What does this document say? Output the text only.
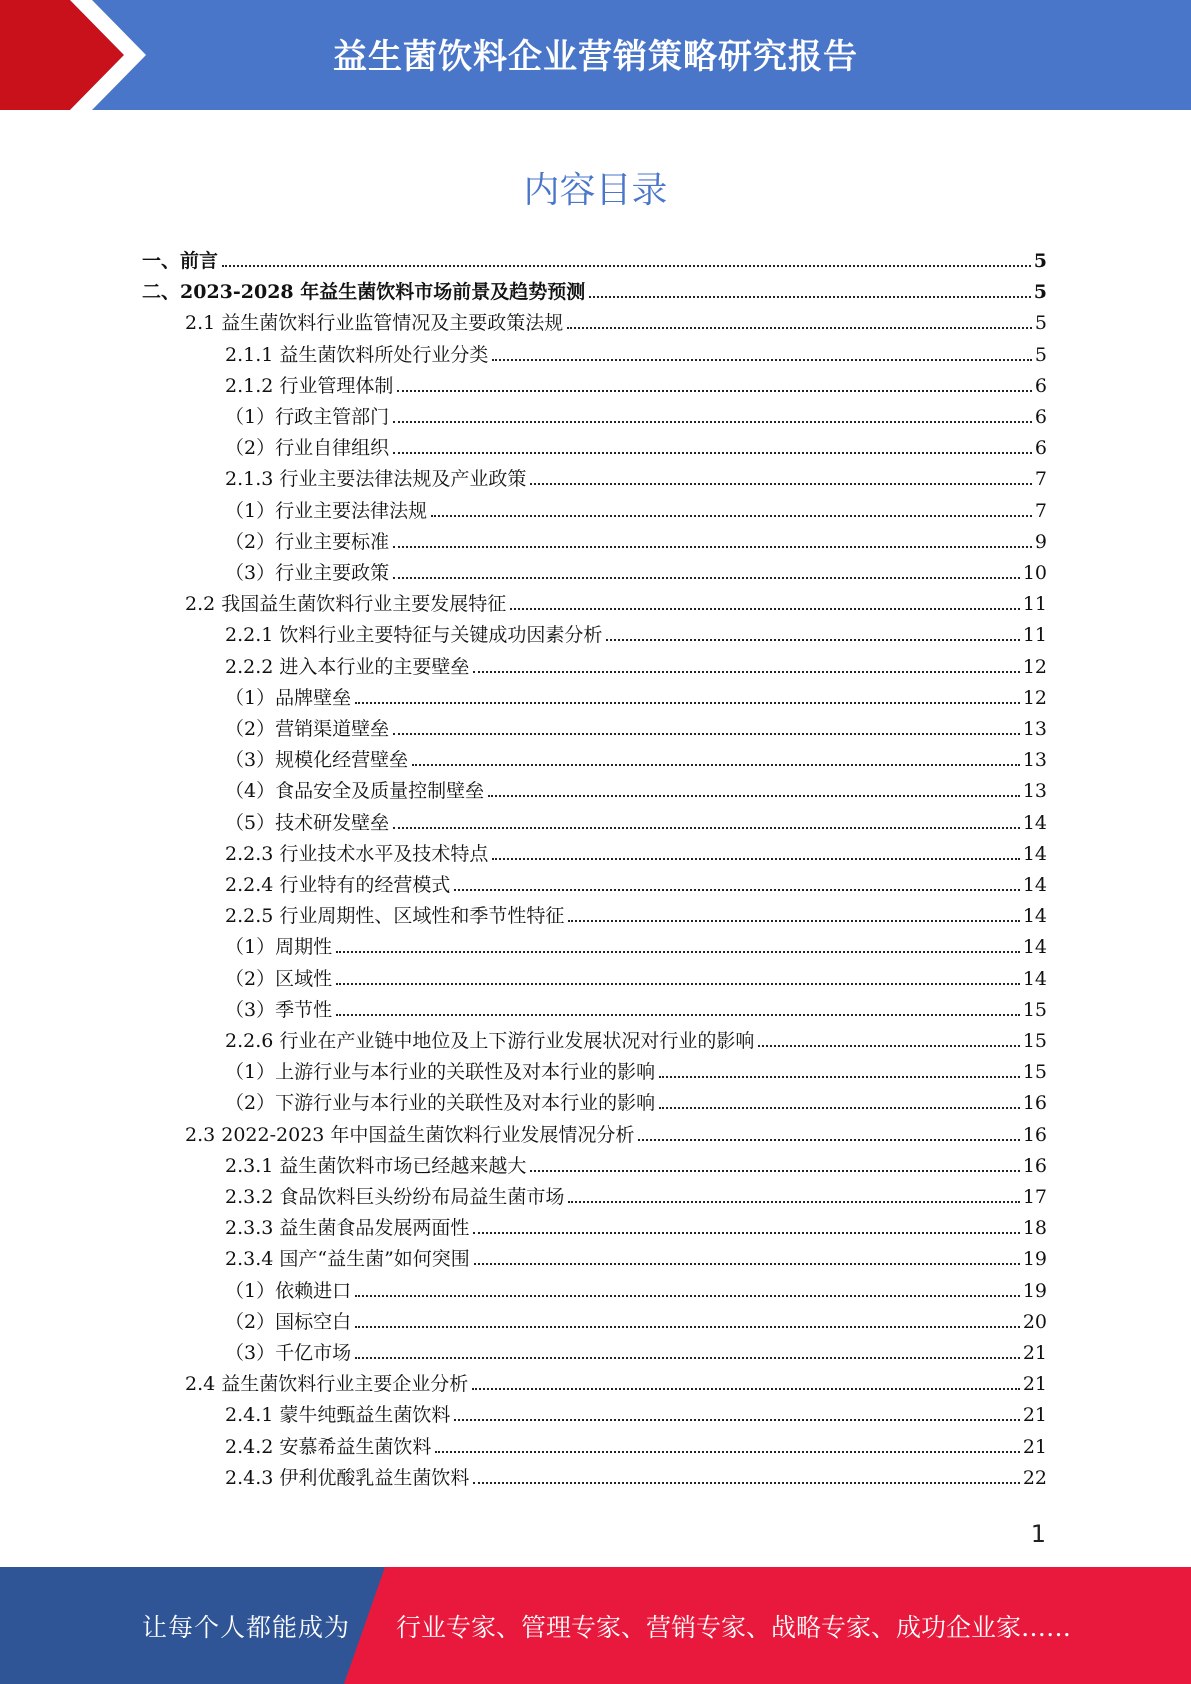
益生菌饮料企业营销策略研究报告
内容目录
一、前言	5
二、2023-2028 年益生菌饮料市场前景及趋势预测	5
2.1 益生菌饮料行业监管情况及主要政策法规	5
2.1.1 益生菌饮料所处行业分类	5
2.1.2 行业管理体制	6
（1）行政主管部门	6
（2）行业自律组织	6
2.1.3 行业主要法律法规及产业政策	7
（1）行业主要法律法规	7
（2）行业主要标准	9
（3）行业主要政策	10
2.2 我国益生菌饮料行业主要发展特征	11
2.2.1 饮料行业主要特征与关键成功因素分析	11
2.2.2 进入本行业的主要壁垒	12
（1）品牌壁垒	12
（2）营销渠道壁垒	13
（3）规模化经营壁垒	13
（4）食品安全及质量控制壁垒	13
（5）技术研发壁垒	14
2.2.3 行业技术水平及技术特点	14
2.2.4 行业特有的经营模式	14
2.2.5 行业周期性、区域性和季节性特征	14
（1）周期性	14
（2）区域性	14
（3）季节性	15
2.2.6 行业在产业链中地位及上下游行业发展状况对行业的影响	15
（1）上游行业与本行业的关联性及对本行业的影响	15
（2）下游行业与本行业的关联性及对本行业的影响	16
2.3 2022-2023 年中国益生菌饮料行业发展情况分析	16
2.3.1 益生菌饮料市场已经越来越大	16
2.3.2 食品饮料巨头纷纷布局益生菌市场	17
2.3.3 益生菌食品发展两面性	18
2.3.4 国产“益生菌”如何突围	19
（1）依赖进口	19
（2）国标空白	20
（3）千亿市场	21
2.4 益生菌饮料行业主要企业分析	21
2.4.1 蒙牛纯甄益生菌饮料	21
2.4.2 安慕希益生菌饮料	21
2.4.3 伊利优酸乳益生菌饮料	22
1
让每个人都能成为 行业专家、管理专家、营销专家、战略专家、成功企业家……
